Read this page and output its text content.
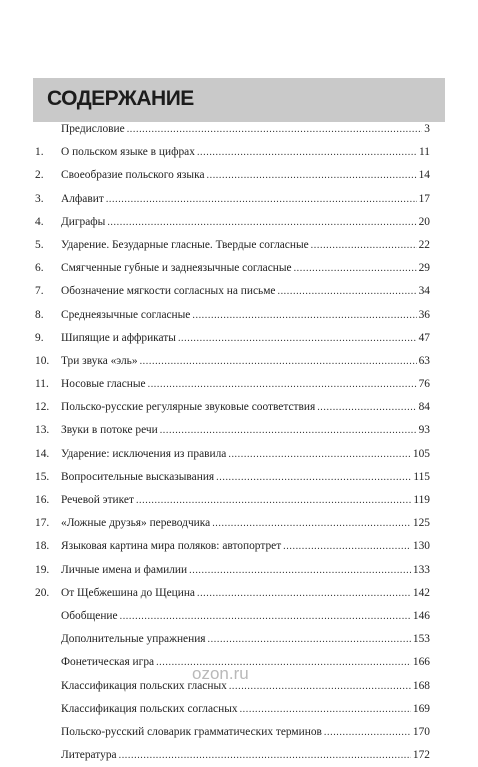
СОДЕРЖАНИЕ
Предисловие .....	3
1.	О польском языке в цифрах .....	11
2.	Своеобразие польского языка .....	14
3.	Алфавит .....	17
4.	Диграфы .....	20
5.	Ударение. Безударные гласные. Твердые согласные .....	22
6.	Смягченные губные и заднеязычные согласные .....	29
7.	Обозначение мягкости согласных на письме .....	34
8.	Среднеязычные согласные .....	36
9.	Шипящие и аффрикаты .....	47
10.	Три звука «эль» .....	63
11.	Носовые гласные .....	76
12.	Польско-русские регулярные звуковые соответствия .....	84
13.	Звуки в потоке речи .....	93
14.	Ударение: исключения из правила .....	105
15.	Вопросительные высказывания .....	115
16.	Речевой этикет .....	119
17.	«Ложные друзья» переводчика .....	125
18.	Языковая картина мира поляков: автопортрет .....	130
19.	Личные имена и фамилии .....	133
20.	От Щебжешина до Щецина .....	142
Обобщение .....	146
Дополнительные упражнения .....	153
Фонетическая игра .....	166
Классификация польских гласных .....	168
Классификация польских согласных .....	169
Польско-русский словарик грамматических терминов .....	170
Литература .....	172
ozon.ru
